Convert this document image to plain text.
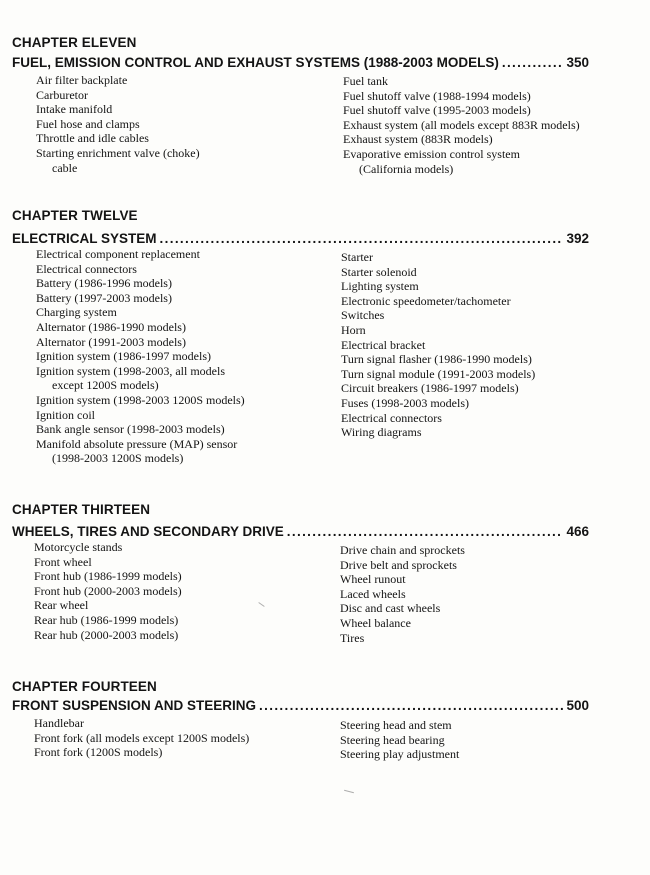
CHAPTER ELEVEN
FUEL, EMISSION CONTROL AND EXHAUST SYSTEMS (1988-2003 MODELS) . . .	350
Air filter backplate
Carburetor
Intake manifold
Fuel hose and clamps
Throttle and idle cables
Starting enrichment valve (choke)
cable
Fuel tank
Fuel shutoff valve (1988-1994 models)
Fuel shutoff valve (1995-2003 models)
Exhaust system (all models except 883R models)
Exhaust system (883R models)
Evaporative emission control system
(California models)
CHAPTER TWELVE
ELECTRICAL SYSTEM . . .	392
Electrical component replacement
Electrical connectors
Battery (1986-1996 models)
Battery (1997-2003 models)
Charging system
Alternator (1986-1990 models)
Alternator (1991-2003 models)
Ignition system (1986-1997 models)
Ignition system (1998-2003, all models
except 1200S models)
Ignition system (1998-2003 1200S models)
Ignition coil
Bank angle sensor (1998-2003 models)
Manifold absolute pressure (MAP) sensor
(1998-2003 1200S models)
Starter
Starter solenoid
Lighting system
Electronic speedometer/tachometer
Switches
Horn
Electrical bracket
Turn signal flasher (1986-1990 models)
Turn signal module (1991-2003 models)
Circuit breakers (1986-1997 models)
Fuses (1998-2003 models)
Electrical connectors
Wiring diagrams
CHAPTER THIRTEEN
WHEELS, TIRES AND SECONDARY DRIVE . . .	466
Motorcycle stands
Front wheel
Front hub (1986-1999 models)
Front hub (2000-2003 models)
Rear wheel
Rear hub (1986-1999 models)
Rear hub (2000-2003 models)
Drive chain and sprockets
Drive belt and sprockets
Wheel runout
Laced wheels
Disc and cast wheels
Wheel balance
Tires
CHAPTER FOURTEEN
FRONT SUSPENSION AND STEERING . . .	500
Handlebar
Front fork (all models except 1200S models)
Front fork (1200S models)
Steering head and stem
Steering head bearing
Steering play adjustment
